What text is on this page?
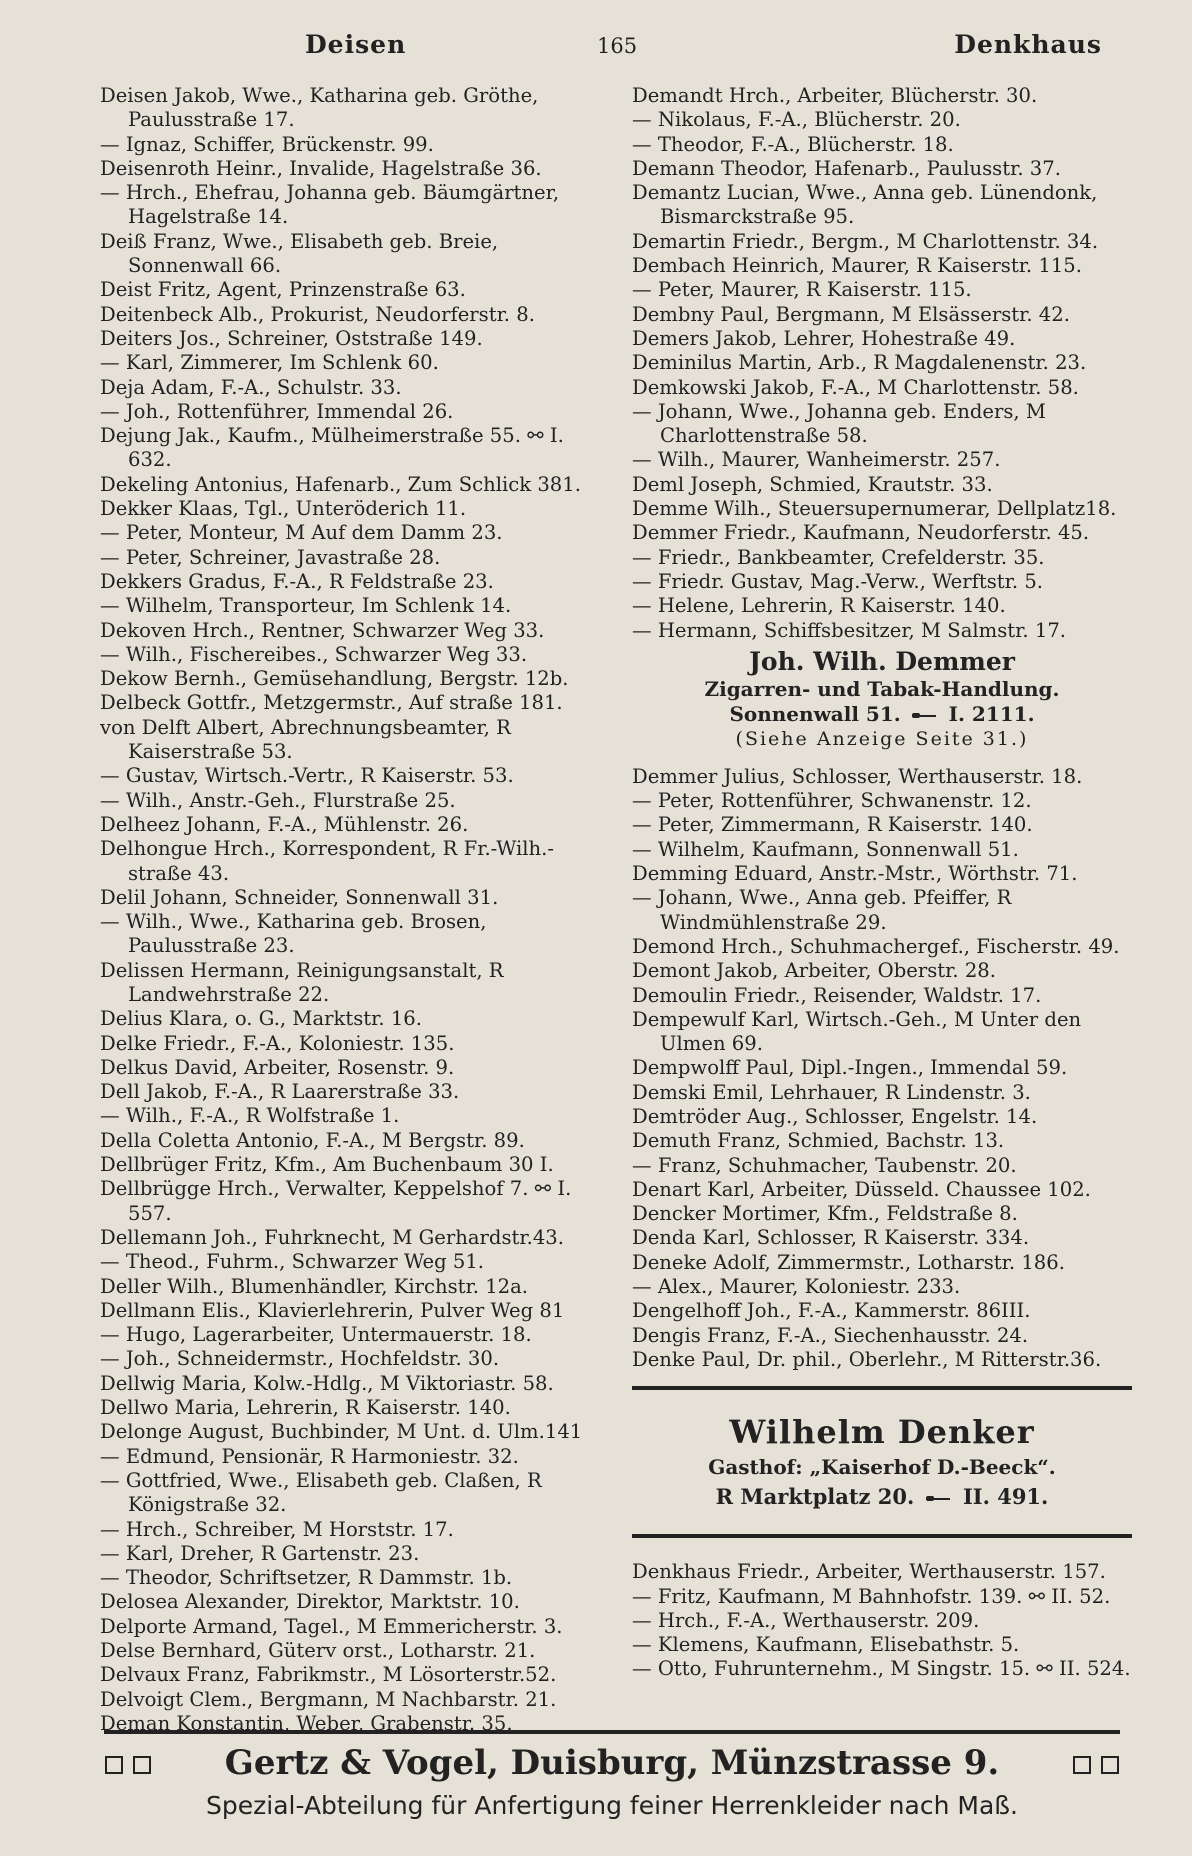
Deisen	165	Denkhaus
Deisen Jakob, Wwe., Katharina geb. Gröthe, Paulusstraße 17.
— Ignaz, Schiffer, Brückenstr. 99.
Deisenroth Heinr., Invalide, Hagelstraße 36.
— Hrch., Ehefrau, Johanna geb. Bäumgärtner, Hagelstraße 14.
Deiß Franz, Wwe., Elisabeth geb. Breie, Sonnenwall 66.
Deist Fritz, Agent, Prinzenstraße 63.
Deitenbeck Alb., Prokurist, Neudorferstr. 8.
Deiters Jos., Schreiner, Oststraße 149.
— Karl, Zimmerer, Im Schlenk 60.
Deja Adam, F.-A., Schulstr. 33.
— Joh., Rottenführer, Immendal 26.
Dejung Jak., Kaufm., Mülheimerstraße 55. ⚯ I. 632.
Dekeling Antonius, Hafenarb., Zum Schlick 381.
Dekker Klaas, Tgl., Unteröderich 11.
— Peter, Monteur, M Auf dem Damm 23.
— Peter, Schreiner, Javastraße 28.
Dekkers Gradus, F.-A., R Feldstraße 23.
— Wilhelm, Transporteur, Im Schlenk 14.
Dekoven Hrch., Rentner, Schwarzer Weg 33.
— Wilh., Fischereibes., Schwarzer Weg 33.
Dekow Bernh., Gemüsehandlung, Bergstr. 12b.
Delbeck Gottfr., Metzgermstr., Auf straße 181.
von Delft Albert, Abrechnungsbeamter, R Kaiserstraße 53.
— Gustav, Wirtsch.-Vertr., R Kaiserstr. 53.
— Wilh., Anstr.-Geh., Flurstraße 25.
Delheez Johann, F.-A., Mühlenstr. 26.
Delhongue Hrch., Korrespondent, R Fr.-Wilh.-straße 43.
Delil Johann, Schneider, Sonnenwall 31.
— Wilh., Wwe., Katharina geb. Brosen, Paulusstraße 23.
Delissen Hermann, Reinigungsanstalt, R Landwehrstraße 22.
Delius Klara, o. G., Marktstr. 16.
Delke Friedr., F.-A., Koloniestr. 135.
Delkus David, Arbeiter, Rosenstr. 9.
Dell Jakob, F.-A., R Laarerstraße 33.
— Wilh., F.-A., R Wolfstraße 1.
Della Coletta Antonio, F.-A., M Bergstr. 89.
Dellbrüger Fritz, Kfm., Am Buchenbaum 30 I.
Dellbrügge Hrch., Verwalter, Keppelshof 7. ⚯ I. 557.
Dellemann Joh., Fuhrknecht, M Gerhardstr.43.
— Theod., Fuhrm., Schwarzer Weg 51.
Deller Wilh., Blumenhändler, Kirchstr. 12a.
Dellmann Elis., Klavierlehrerin, Pulver Weg 81
— Hugo, Lagerarbeiter, Untermauerstr. 18.
— Joh., Schneidermstr., Hochfeldstr. 30.
Dellwig Maria, Kolw.-Hdlg., M Viktoriastr. 58.
Dellwo Maria, Lehrerin, R Kaiserstr. 140.
Delonge August, Buchbinder, M Unt. d. Ulm.141
— Edmund, Pensionär, R Harmoniestr. 32.
— Gottfried, Wwe., Elisabeth geb. Claßen, R Königstraße 32.
— Hrch., Schreiber, M Horststr. 17.
— Karl, Dreher, R Gartenstr. 23.
— Theodor, Schriftsetzer, R Dammstr. 1b.
Delosea Alexander, Direktor, Marktstr. 10.
Delporte Armand, Tagel., M Emmericherstr. 3.
Delse Bernhard, Güterv orst., Lotharstr. 21.
Delvaux Franz, Fabrikmstr., M Lösorterstr.52.
Delvoigt Clem., Bergmann, M Nachbarstr. 21.
Deman Konstantin, Weber, Grabenstr. 35.
Demandt Hrch., Arbeiter, Blücherstr. 30.
— Nikolaus, F.-A., Blücherstr. 20.
— Theodor, F.-A., Blücherstr. 18.
Demann Theodor, Hafenarb., Paulusstr. 37.
Demantz Lucian, Wwe., Anna geb. Lünendonk, Bismarckstraße 95.
Demartin Friedr., Bergm., M Charlottenstr. 34.
Dembach Heinrich, Maurer, R Kaiserstr. 115.
— Peter, Maurer, R Kaiserstr. 115.
Dembny Paul, Bergmann, M Elsässerstr. 42.
Demers Jakob, Lehrer, Hohestraße 49.
Deminilus Martin, Arb., R Magdalenenstr. 23.
Demkowski Jakob, F.-A., M Charlottenstr. 58.
— Johann, Wwe., Johanna geb. Enders, M Charlottenstraße 58.
— Wilh., Maurer, Wanheimerstr. 257.
Deml Joseph, Schmied, Krautstr. 33.
Demme Wilh., Steuersupernumerar, Dellplatz18.
Demmer Friedr., Kaufmann, Neudorferstr. 45.
— Friedr., Bankbeamter, Crefelderstr. 35.
— Friedr. Gustav, Mag.-Verw., Werftstr. 5.
— Helene, Lehrerin, R Kaiserstr. 140.
— Hermann, Schiffsbesitzer, M Salmstr. 17.
Joh. Wilh. Demmer
Zigarren- und Tabak-Handlung.
Sonnenwall 51. I. 2111.
(Siehe Anzeige Seite 31.)
Demmer Julius, Schlosser, Werthauserstr. 18.
— Peter, Rottenführer, Schwanenstr. 12.
— Peter, Zimmermann, R Kaiserstr. 140.
— Wilhelm, Kaufmann, Sonnenwall 51.
Demming Eduard, Anstr.-Mstr., Wörthstr. 71.
— Johann, Wwe., Anna geb. Pfeiffer, R Windmühlenstraße 29.
Demond Hrch., Schuhmachergef., Fischerstr. 49.
Demont Jakob, Arbeiter, Oberstr. 28.
Demoulin Friedr., Reisender, Waldstr. 17.
Dempewulf Karl, Wirtsch.-Geh., M Unter den Ulmen 69.
Dempwolff Paul, Dipl.-Ingen., Immendal 59.
Demski Emil, Lehrhauer, R Lindenstr. 3.
Demtröder Aug., Schlosser, Engelstr. 14.
Demuth Franz, Schmied, Bachstr. 13.
— Franz, Schuhmacher, Taubenstr. 20.
Denart Karl, Arbeiter, Düsseld. Chaussee 102.
Dencker Mortimer, Kfm., Feldstraße 8.
Denda Karl, Schlosser, R Kaiserstr. 334.
Deneke Adolf, Zimmermstr., Lotharstr. 186.
— Alex., Maurer, Koloniestr. 233.
Dengelhoff Joh., F.-A., Kammerstr. 86III.
Dengis Franz, F.-A., Siechenhausstr. 24.
Denke Paul, Dr. phil., Oberlehr., M Ritterstr.36.
Wilhelm Denker
Gasthof: „Kaiserhof D.-Beeck“.
R Marktplatz 20. II. 491.
Denkhaus Friedr., Arbeiter, Werthauserstr. 157.
— Fritz, Kaufmann, M Bahnhofstr. 139. ⚯ II. 52.
— Hrch., F.-A., Werthauserstr. 209.
— Klemens, Kaufmann, Elisebathstr. 5.
— Otto, Fuhrunternehm., M Singstr. 15. ⚯ II. 524.
Gertz & Vogel, Duisburg, Münzstrasse 9.
Spezial-Abteilung für Anfertigung feiner Herrenkleider nach Maß.
